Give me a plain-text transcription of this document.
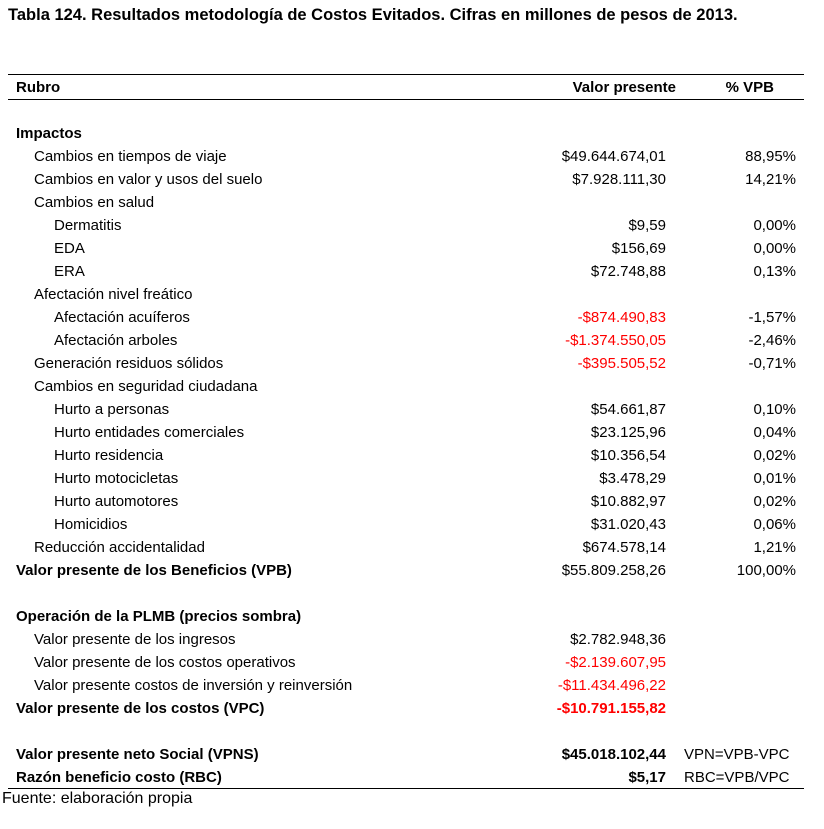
Tabla 124. Resultados metodología de Costos Evitados. Cifras en millones de pesos de 2013.
Rubro	Valor presente	% VPB
Impactos
Cambios en tiempos de viaje	$49.644.674,01	88,95%
Cambios en valor y usos del suelo	$7.928.111,30	14,21%
Cambios en salud
Dermatitis	$9,59	0,00%
EDA	$156,69	0,00%
ERA	$72.748,88	0,13%
Afectación nivel freático
Afectación acuíferos	-$874.490,83	-1,57%
Afectación arboles	-$1.374.550,05	-2,46%
Generación residuos sólidos	-$395.505,52	-0,71%
Cambios en seguridad ciudadana
Hurto a personas	$54.661,87	0,10%
Hurto entidades comerciales	$23.125,96	0,04%
Hurto residencia	$10.356,54	0,02%
Hurto motocicletas	$3.478,29	0,01%
Hurto automotores	$10.882,97	0,02%
Homicidios	$31.020,43	0,06%
Reducción accidentalidad	$674.578,14	1,21%
Valor presente de los Beneficios (VPB)	$55.809.258,26	100,00%
Operación de la PLMB (precios sombra)
Valor presente de los ingresos	$2.782.948,36
Valor presente de los costos operativos	-$2.139.607,95
Valor presente costos de inversión y reinversión	-$11.434.496,22
Valor presente de los costos (VPC)	-$10.791.155,82
Valor presente neto Social (VPNS)	$45.018.102,44 VPN=VPB-VPC
Razón beneficio costo (RBC)	$5,17 RBC=VPB/VPC
Fuente: elaboración propia
